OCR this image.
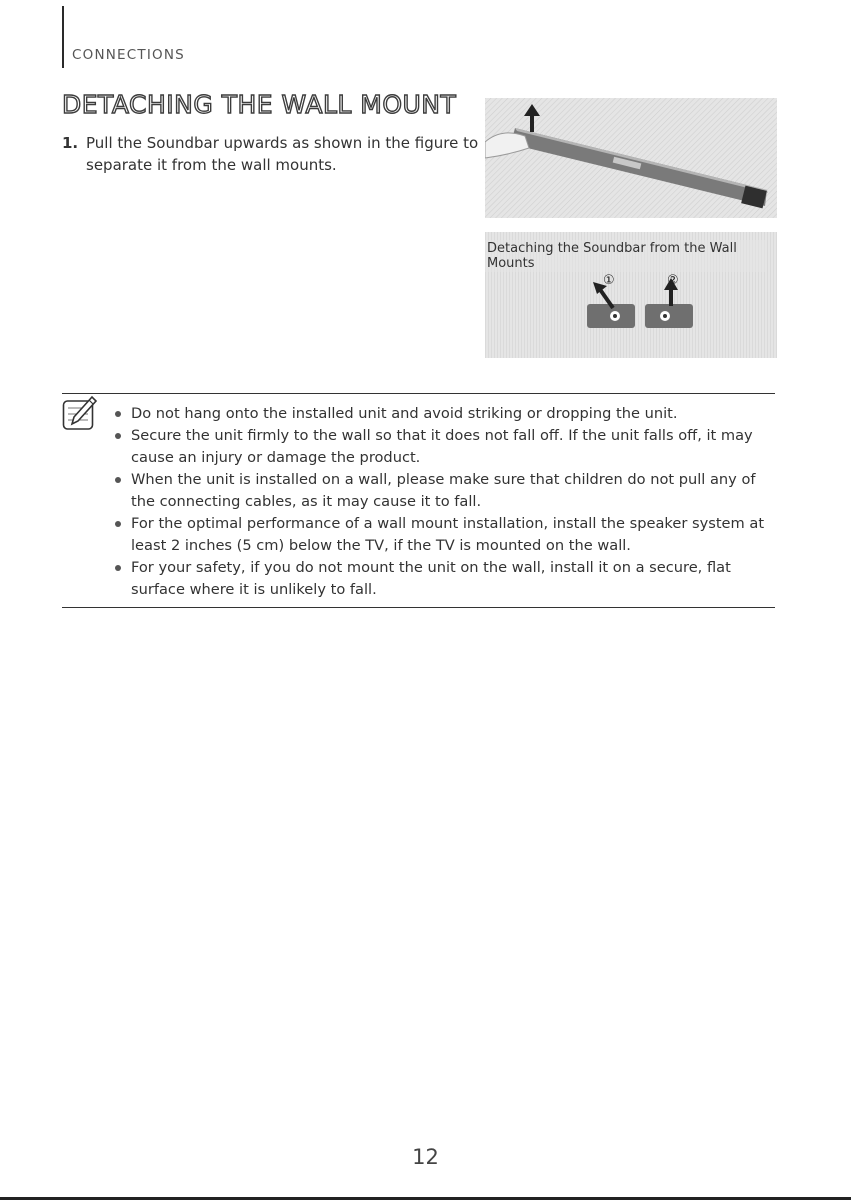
CONNECTIONS
DETACHING THE WALL MOUNT
1. Pull the Soundbar upwards as shown in the figure to separate it from the wall mounts.
①	②
Detaching the Soundbar from the Wall Mounts
Do not hang onto the installed unit and avoid striking or dropping the unit.
Secure the unit firmly to the wall so that it does not fall off. If the unit falls off, it may cause an injury or damage the product.
When the unit is installed on a wall, please make sure that children do not pull any of the connecting cables, as it may cause it to fall.
For the optimal performance of a wall mount installation, install the speaker system at least 2 inches (5 cm) below the TV, if the TV is mounted on the wall.
For your safety, if you do not mount the unit on the wall, install it on a secure, flat surface where it is unlikely to fall.
12
